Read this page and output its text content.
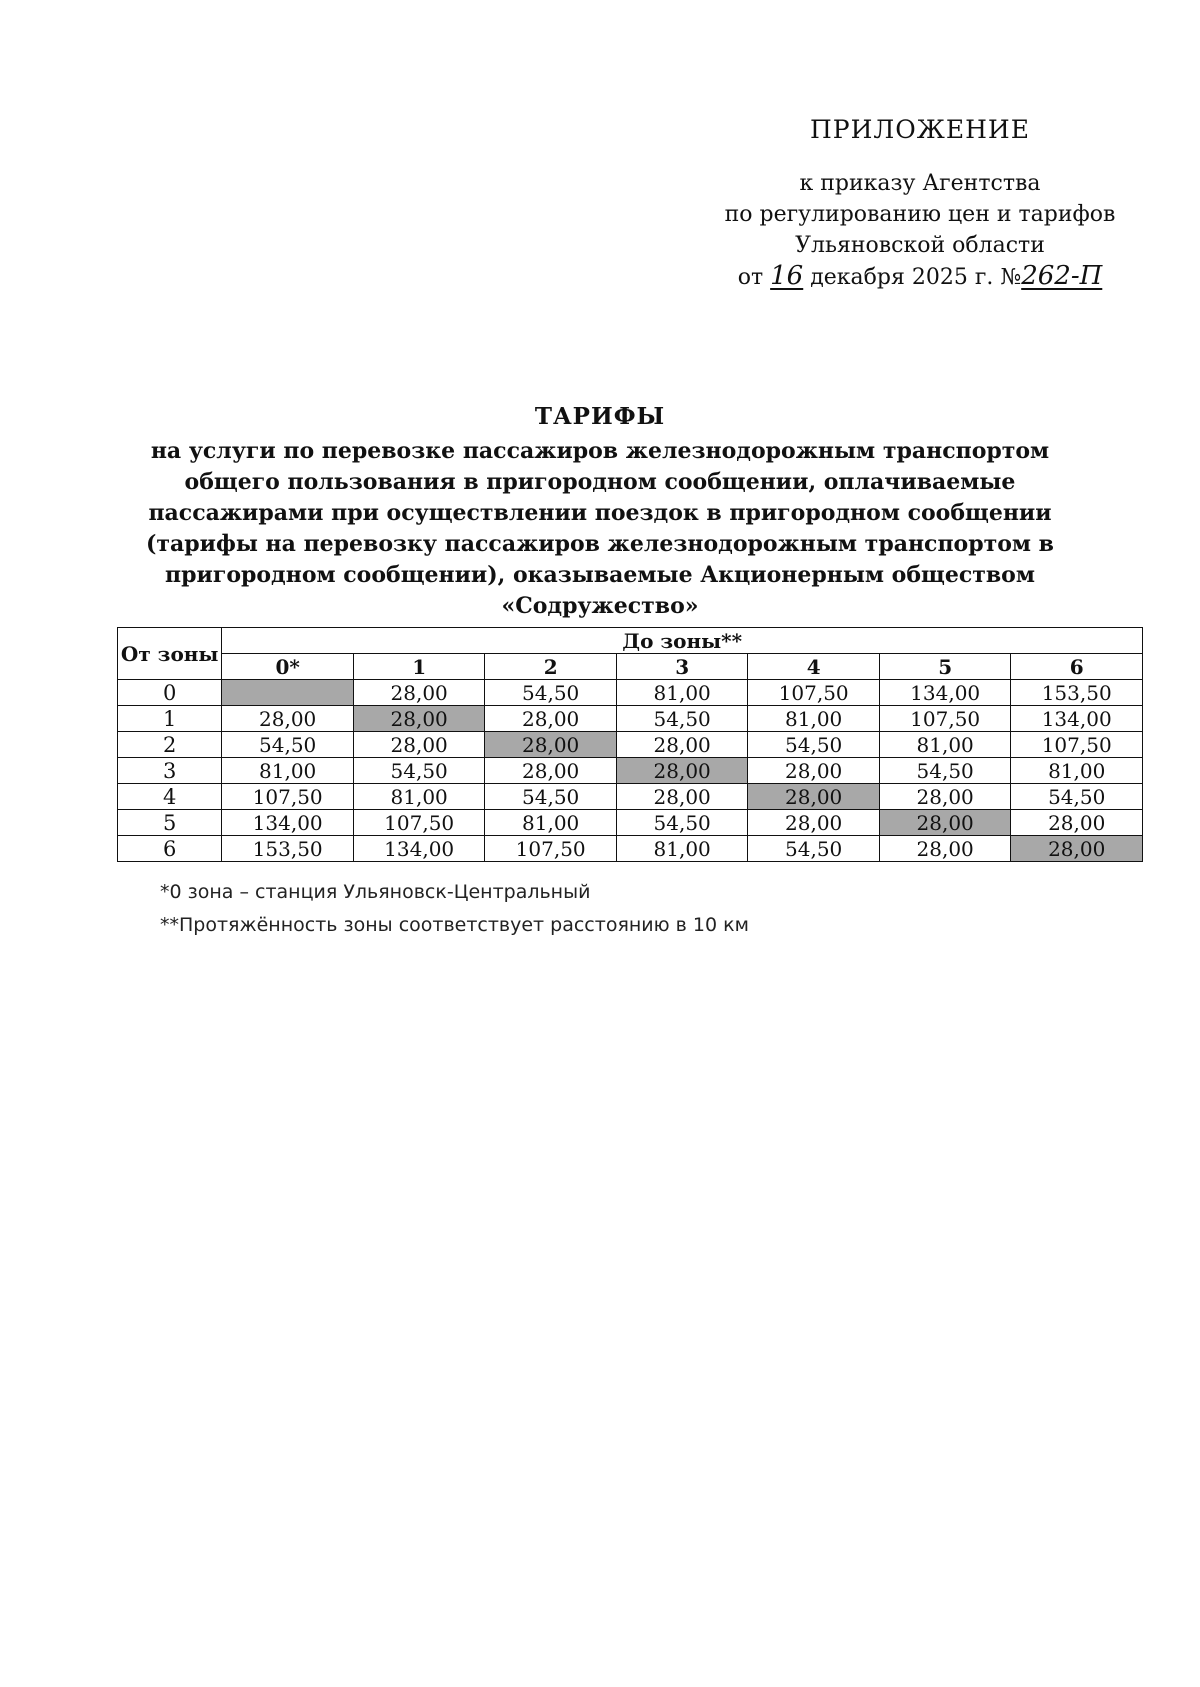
ПРИЛОЖЕНИЕ
к приказу Агентства
по регулированию цен и тарифов
Ульяновской области
от 16 декабря 2025 г. №262-П
ТАРИФЫ
на услуги по перевозке пассажиров железнодорожным транспортом общего пользования в пригородном сообщении, оплачиваемые пассажирами при осуществлении поездок в пригородном сообщении (тарифы на перевозку пассажиров железнодорожным транспортом в пригородном сообщении), оказываемые Акционерным обществом «Содружество»
От зоны	До зоны**						
	0*	1	2	3	4	5	6
0		28,00	54,50	81,00	107,50	134,00	153,50
1	28,00	28,00	28,00	54,50	81,00	107,50	134,00
2	54,50	28,00	28,00	28,00	54,50	81,00	107,50
3	81,00	54,50	28,00	28,00	28,00	54,50	81,00
4	107,50	81,00	54,50	28,00	28,00	28,00	54,50
5	134,00	107,50	81,00	54,50	28,00	28,00	28,00
6	153,50	134,00	107,50	81,00	54,50	28,00	28,00
*0 зона – станция Ульяновск-Центральный
**Протяжённость зоны соответствует расстоянию в 10 км
